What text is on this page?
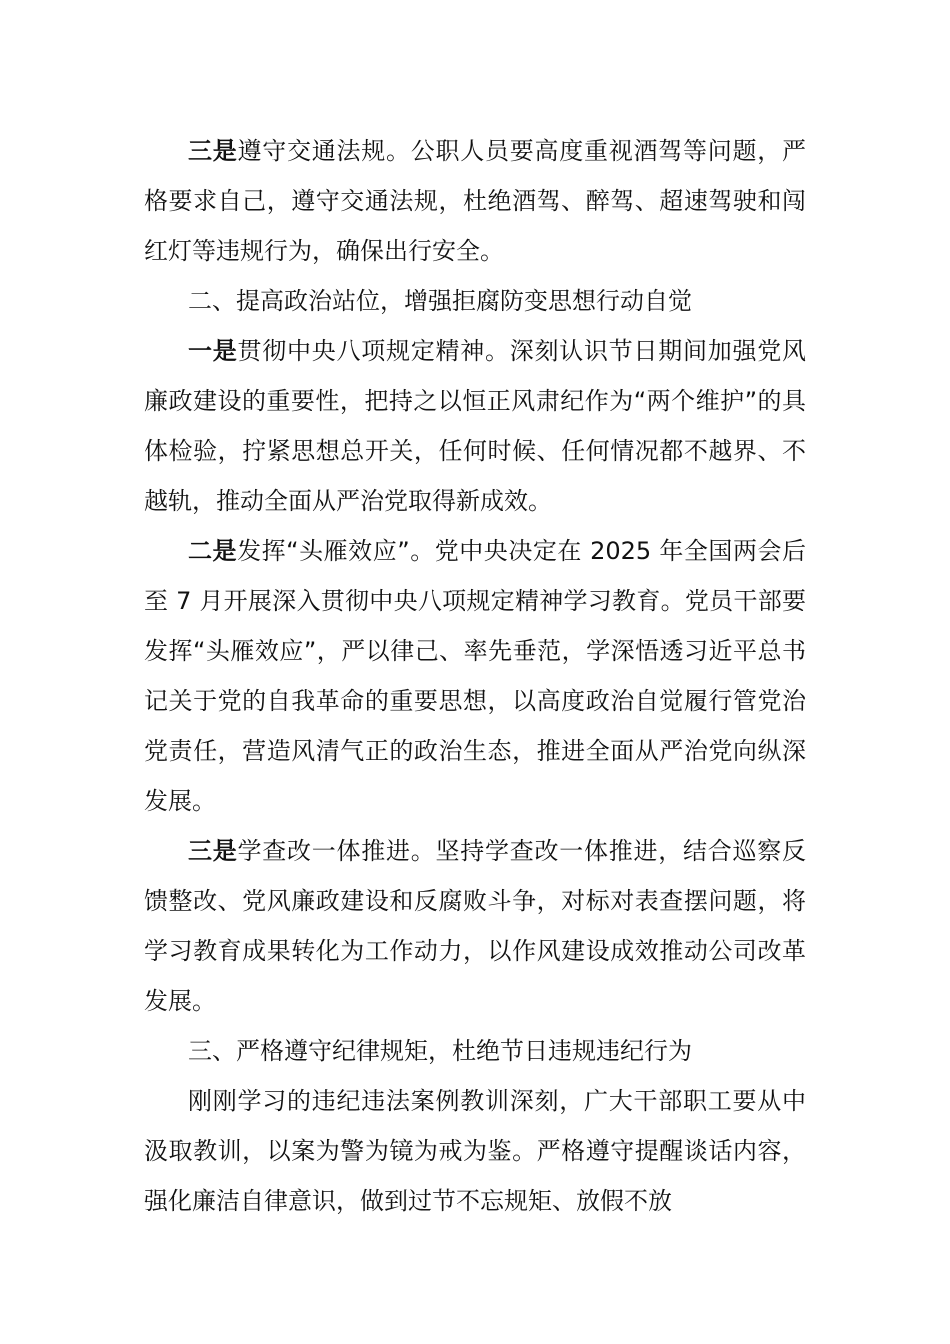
三是遵守交通法规。公职人员要高度重视酒驾等问题，严格要求自己，遵守交通法规，杜绝酒驾、醉驾、超速驾驶和闯红灯等违规行为，确保出行安全。

二、提高政治站位，增强拒腐防变思想行动自觉

一是贯彻中央八项规定精神。深刻认识节日期间加强党风廉政建设的重要性，把持之以恒正风肃纪作为“两个维护”的具体检验，拧紧思想总开关，任何时候、任何情况都不越界、不越轨，推动全面从严治党取得新成效。

二是发挥“头雁效应”。党中央决定在 2025 年全国两会后至 7 月开展深入贯彻中央八项规定精神学习教育。党员干部要发挥“头雁效应”，严以律己、率先垂范，学深悟透习近平总书记关于党的自我革命的重要思想，以高度政治自觉履行管党治党责任，营造风清气正的政治生态，推进全面从严治党向纵深发展。

三是学查改一体推进。坚持学查改一体推进，结合巡察反馈整改、党风廉政建设和反腐败斗争，对标对表查摆问题，将学习教育成果转化为工作动力，以作风建设成效推动公司改革发展。

三、严格遵守纪律规矩，杜绝节日违规违纪行为

刚刚学习的违纪违法案例教训深刻，广大干部职工要从中汲取教训，以案为警为镜为戒为鉴。严格遵守提醒谈话内容，强化廉洁自律意识，做到过节不忘规矩、放假不放
